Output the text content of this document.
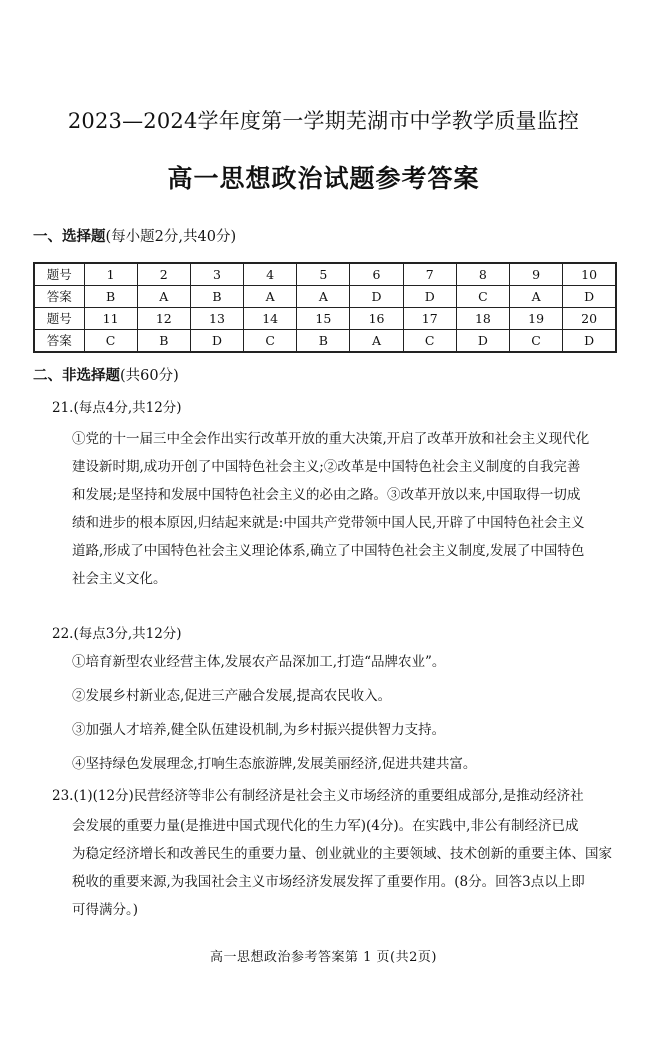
2023—2024学年度第一学期芜湖市中学教学质量监控
高一思想政治试题参考答案
一、选择题(每小题2分,共40分)
题号	1	2	3	4	5	6	7	8	9	10
答案	B	A	B	A	A	D	D	C	A	D
题号	11	12	13	14	15	16	17	18	19	20
答案	C	B	D	C	B	A	C	D	C	D
二、非选择题(共60分)
21.(每点4分,共12分)
①党的十一届三中全会作出实行改革开放的重大决策,开启了改革开放和社会主义现代化
建设新时期,成功开创了中国特色社会主义;②改革是中国特色社会主义制度的自我完善
和发展;是坚持和发展中国特色社会主义的必由之路。③改革开放以来,中国取得一切成
绩和进步的根本原因,归结起来就是:中国共产党带领中国人民,开辟了中国特色社会主义
道路,形成了中国特色社会主义理论体系,确立了中国特色社会主义制度,发展了中国特色
社会主义文化。
22.(每点3分,共12分)
①培育新型农业经营主体,发展农产品深加工,打造“品牌农业”。
②发展乡村新业态,促进三产融合发展,提高农民收入。
③加强人才培养,健全队伍建设机制,为乡村振兴提供智力支持。
④坚持绿色发展理念,打响生态旅游牌,发展美丽经济,促进共建共富。
23.(1)(12分)民营经济等非公有制经济是社会主义市场经济的重要组成部分,是推动经济社
会发展的重要力量(是推进中国式现代化的生力军)(4分)。在实践中,非公有制经济已成
为稳定经济增长和改善民生的重要力量、创业就业的主要领域、技术创新的重要主体、国家
税收的重要来源,为我国社会主义市场经济发展发挥了重要作用。(8分。回答3点以上即
可得满分。)
高一思想政治参考答案第 1 页(共2页)
